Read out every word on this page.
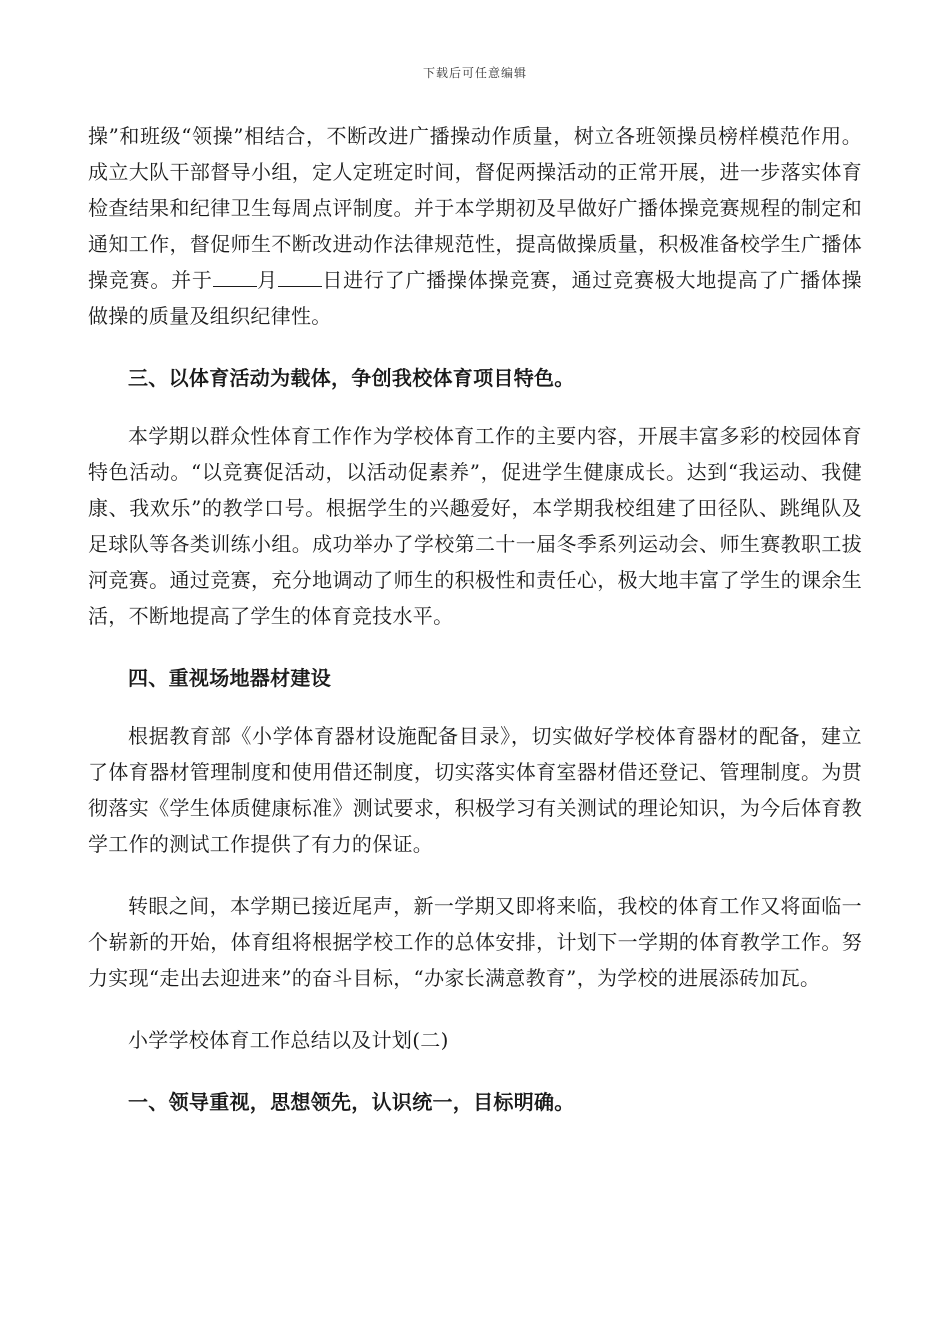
下载后可任意编辑

操”和班级“领操”相结合，不断改进广播操动作质量，树立各班领操员榜样模范作用。成立大队干部督导小组，定人定班定时间，督促两操活动的正常开展，进一步落实体育检查结果和纪律卫生每周点评制度。并于本学期初及早做好广播体操竞赛规程的制定和通知工作，督促师生不断改进动作法律规范性，提高做操质量，积极准备校学生广播体操竞赛。并于 月 日进行了广播操体操竞赛，通过竞赛极大地提高了广播体操做操的质量及组织纪律性。

三、以体育活动为载体，争创我校体育项目特色。

本学期以群众性体育工作作为学校体育工作的主要内容，开展丰富多彩的校园体育特色活动。“以竞赛促活动，以活动促素养”，促进学生健康成长。达到“我运动、我健康、我欢乐”的教学口号。根据学生的兴趣爱好，本学期我校组建了田径队、跳绳队及足球队等各类训练小组。成功举办了学校第二十一届冬季系列运动会、师生赛教职工拔河竞赛。通过竞赛，充分地调动了师生的积极性和责任心，极大地丰富了学生的课余生活，不断地提高了学生的体育竞技水平。

四、重视场地器材建设

根据教育部《小学体育器材设施配备目录》，切实做好学校体育器材的配备，建立了体育器材管理制度和使用借还制度，切实落实体育室器材借还登记、管理制度。为贯彻落实《学生体质健康标准》测试要求，积极学习有关测试的理论知识，为今后体育教学工作的测试工作提供了有力的保证。

转眼之间，本学期已接近尾声，新一学期又即将来临，我校的体育工作又将面临一个崭新的开始，体育组将根据学校工作的总体安排，计划下一学期的体育教学工作。努力实现“走出去迎进来”的奋斗目标，“办家长满意教育”，为学校的进展添砖加瓦。

小学学校体育工作总结以及计划(二)

一、领导重视，思想领先，认识统一，目标明确。
